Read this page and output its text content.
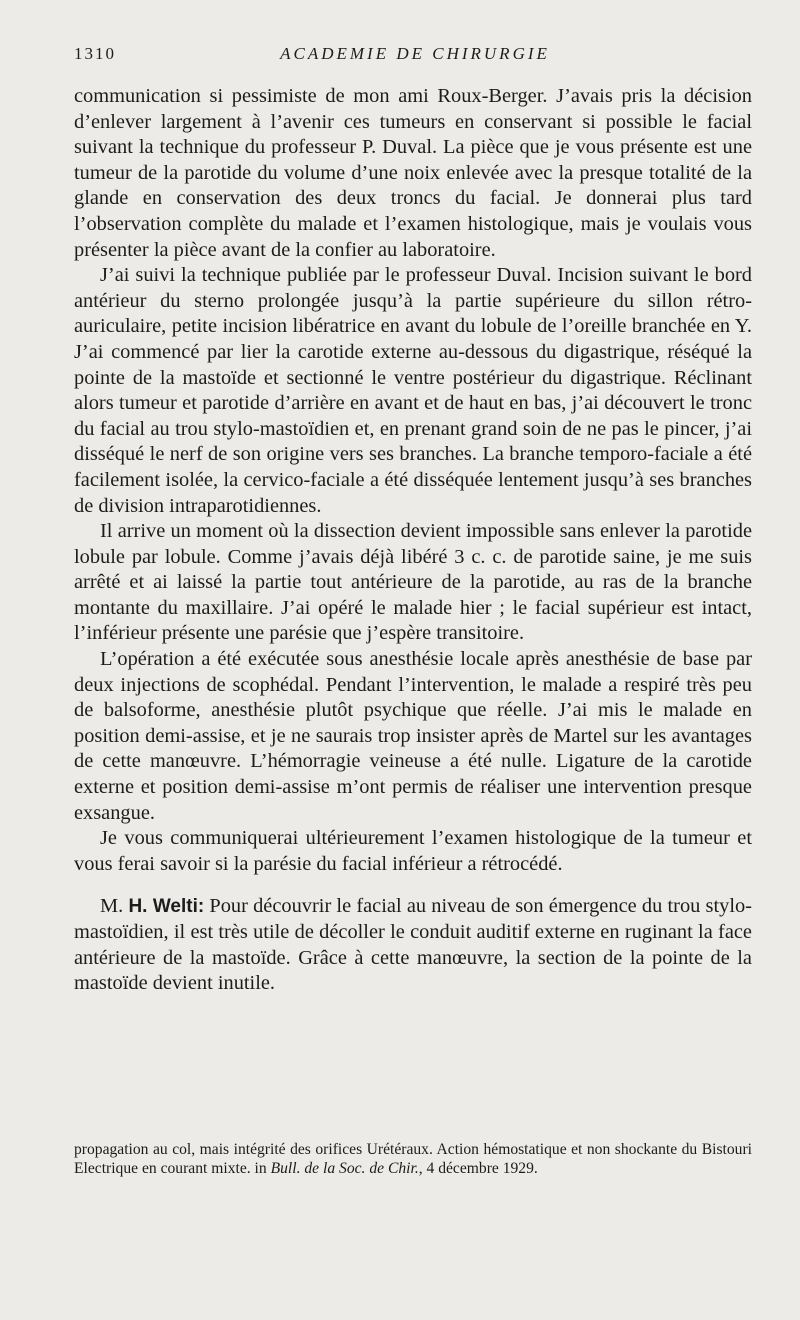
1310	ACADEMIE DE CHIRURGIE

communication si pessimiste de mon ami Roux-Berger. J’avais pris la décision d’enlever largement à l’avenir ces tumeurs en conservant si possible le facial suivant la technique du professeur P. Duval. La pièce que je vous présente est une tumeur de la parotide du volume d’une noix enlevée avec la presque totalité de la glande en conservation des deux troncs du facial. Je donnerai plus tard l’observation complète du malade et l’examen histologique, mais je voulais vous présenter la pièce avant de la confier au laboratoire.

J’ai suivi la technique publiée par le professeur Duval. Incision suivant le bord antérieur du sterno prolongée jusqu’à la partie supérieure du sillon rétro-auriculaire, petite incision libératrice en avant du lobule de l’oreille branchée en Y. J’ai commencé par lier la carotide externe au-dessous du digastrique, réséqué la pointe de la mastoïde et sectionné le ventre postérieur du digastrique. Réclinant alors tumeur et parotide d’arrière en avant et de haut en bas, j’ai découvert le tronc du facial au trou stylo-mastoïdien et, en prenant grand soin de ne pas le pincer, j’ai disséqué le nerf de son origine vers ses branches. La branche temporo-faciale a été facilement isolée, la cervico-faciale a été disséquée lentement jusqu’à ses branches de division intraparotidiennes.

Il arrive un moment où la dissection devient impossible sans enlever la parotide lobule par lobule. Comme j’avais déjà libéré 3 c. c. de parotide saine, je me suis arrêté et ai laissé la partie tout antérieure de la parotide, au ras de la branche montante du maxillaire. J’ai opéré le malade hier ; le facial supérieur est intact, l’inférieur présente une parésie que j’espère transitoire.

L’opération a été exécutée sous anesthésie locale après anesthésie de base par deux injections de scophédal. Pendant l’intervention, le malade a respiré très peu de balsoforme, anesthésie plutôt psychique que réelle. J’ai mis le malade en position demi-assise, et je ne saurais trop insister après de Martel sur les avantages de cette manœuvre. L’hémorragie veineuse a été nulle. Ligature de la carotide externe et position demi-assise m’ont permis de réaliser une intervention presque exsangue.

Je vous communiquerai ultérieurement l’examen histologique de la tumeur et vous ferai savoir si la parésie du facial inférieur a rétrocédé.

M. H. Welti: Pour découvrir le facial au niveau de son émergence du trou stylo-mastoïdien, il est très utile de décoller le conduit auditif externe en ruginant la face antérieure de la mastoïde. Grâce à cette manœuvre, la section de la pointe de la mastoïde devient inutile.

propagation au col, mais intégrité des orifices Urétéraux. Action hémostatique et non shockante du Bistouri Electrique en courant mixte. in Bull. de la Soc. de Chir., 4 décembre 1929.
